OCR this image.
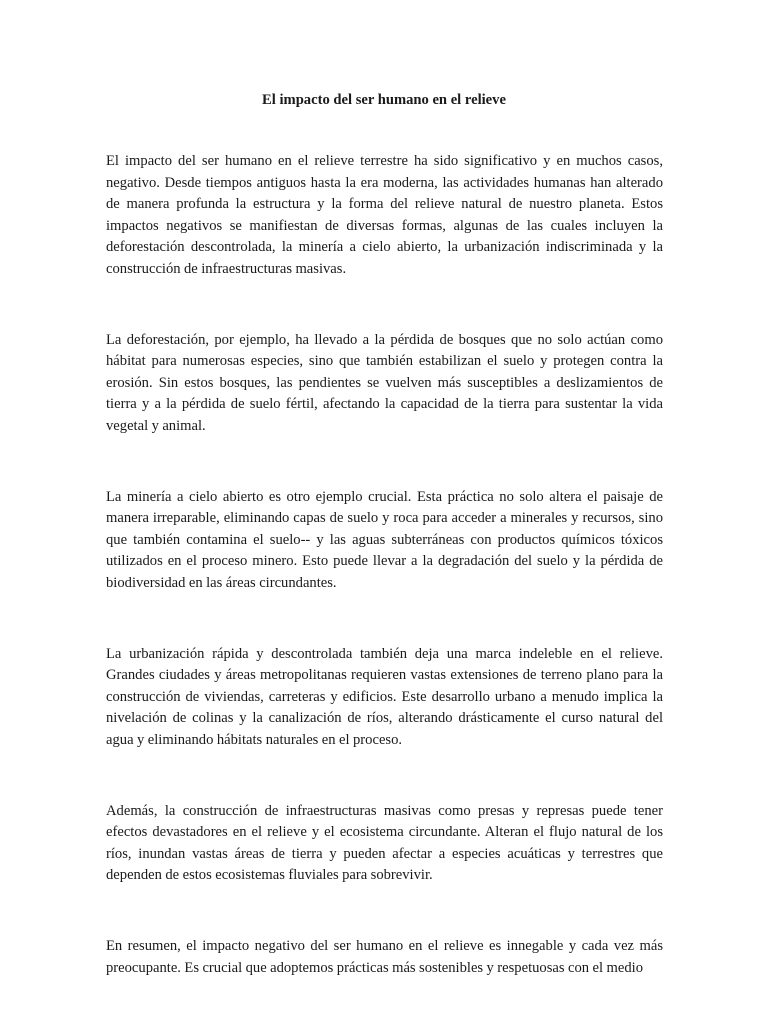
El impacto del ser humano en el relieve

El impacto del ser humano en el relieve terrestre ha sido significativo y en muchos casos, negativo. Desde tiempos antiguos hasta la era moderna, las actividades humanas han alterado de manera profunda la estructura y la forma del relieve natural de nuestro planeta. Estos impactos negativos se manifiestan de diversas formas, algunas de las cuales incluyen la deforestación descontrolada, la minería a cielo abierto, la urbanización indiscriminada y la construcción de infraestructuras masivas.

La deforestación, por ejemplo, ha llevado a la pérdida de bosques que no solo actúan como hábitat para numerosas especies, sino que también estabilizan el suelo y protegen contra la erosión. Sin estos bosques, las pendientes se vuelven más susceptibles a deslizamientos de tierra y a la pérdida de suelo fértil, afectando la capacidad de la tierra para sustentar la vida vegetal y animal.

La minería a cielo abierto es otro ejemplo crucial. Esta práctica no solo altera el paisaje de manera irreparable, eliminando capas de suelo y roca para acceder a minerales y recursos, sino que también contamina el suelo-- y las aguas subterráneas con productos químicos tóxicos utilizados en el proceso minero. Esto puede llevar a la degradación del suelo y la pérdida de biodiversidad en las áreas circundantes.

La urbanización rápida y descontrolada también deja una marca indeleble en el relieve. Grandes ciudades y áreas metropolitanas requieren vastas extensiones de terreno plano para la construcción de viviendas, carreteras y edificios. Este desarrollo urbano a menudo implica la nivelación de colinas y la canalización de ríos, alterando drásticamente el curso natural del agua y eliminando hábitats naturales en el proceso.

Además, la construcción de infraestructuras masivas como presas y represas puede tener efectos devastadores en el relieve y el ecosistema circundante. Alteran el flujo natural de los ríos, inundan vastas áreas de tierra y pueden afectar a especies acuáticas y terrestres que dependen de estos ecosistemas fluviales para sobrevivir.

En resumen, el impacto negativo del ser humano en el relieve es innegable y cada vez más preocupante. Es crucial que adoptemos prácticas más sostenibles y respetuosas con el medio
